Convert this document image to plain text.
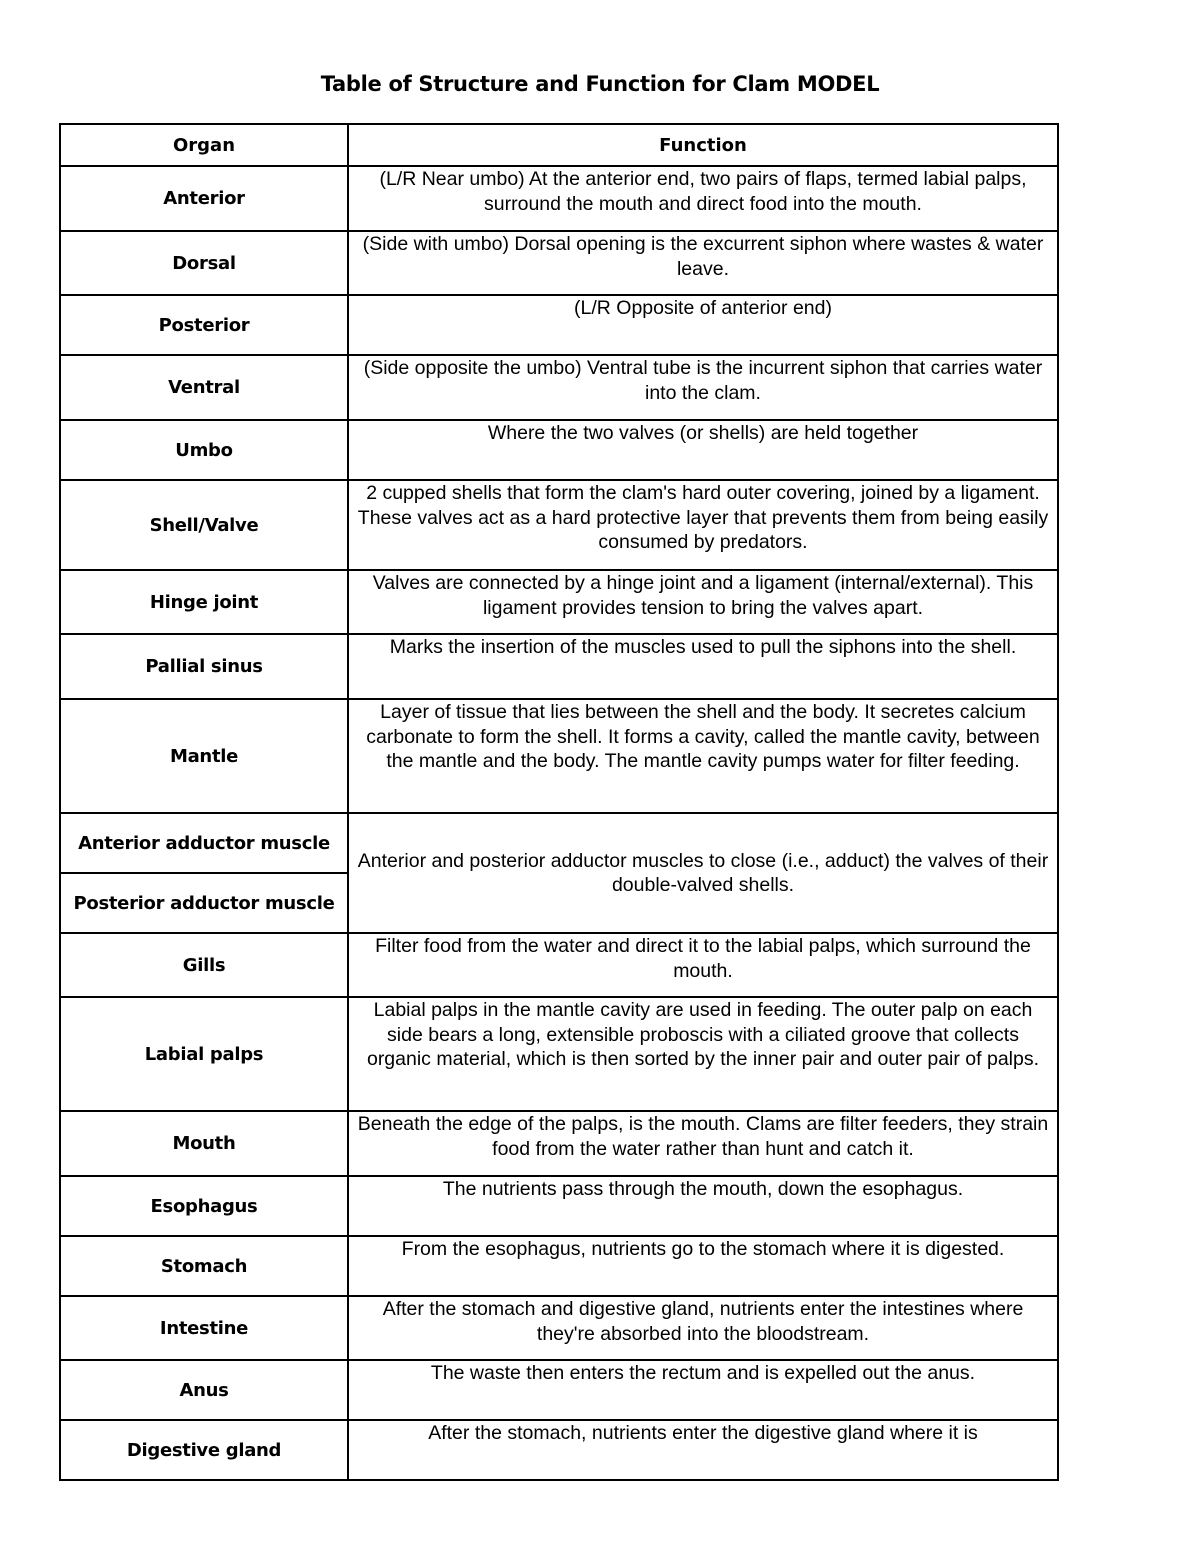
Table of Structure and Function for Clam MODEL
Organ	Function
Anterior	(L/R Near umbo) At the anterior end, two pairs of flaps, termed labial palps, surround the mouth and direct food into the mouth.
Dorsal	(Side with umbo) Dorsal opening is the excurrent siphon where wastes & water leave.
Posterior	(L/R Opposite of anterior end)
Ventral	(Side opposite the umbo) Ventral tube is the incurrent siphon that carries water into the clam.
Umbo	Where the two valves (or shells) are held together
Shell/Valve	2 cupped shells that form the clam's hard outer covering, joined by a ligament. These valves act as a hard protective layer that prevents them from being easily consumed by predators.
Hinge joint	Valves are connected by a hinge joint and a ligament (internal/external). This ligament provides tension to bring the valves apart.
Pallial sinus	Marks the insertion of the muscles used to pull the siphons into the shell.
Mantle	Layer of tissue that lies between the shell and the body. It secretes calcium carbonate to form the shell. It forms a cavity, called the mantle cavity, between the mantle and the body. The mantle cavity pumps water for filter feeding.
Anterior adductor muscle	Anterior and posterior adductor muscles to close (i.e., adduct) the valves of their double-valved shells.
Posterior adductor muscle	
Gills	Filter food from the water and direct it to the labial palps, which surround the mouth.
Labial palps	Labial palps in the mantle cavity are used in feeding. The outer palp on each side bears a long, extensible proboscis with a ciliated groove that collects organic material, which is then sorted by the inner pair and outer pair of palps.
Mouth	Beneath the edge of the palps, is the mouth. Clams are filter feeders, they strain food from the water rather than hunt and catch it.
Esophagus	The nutrients pass through the mouth, down the esophagus.
Stomach	From the esophagus, nutrients go to the stomach where it is digested.
Intestine	After the stomach and digestive gland, nutrients enter the intestines where they're absorbed into the bloodstream.
Anus	The waste then enters the rectum and is expelled out the anus.
Digestive gland	After the stomach, nutrients enter the digestive gland where it is
